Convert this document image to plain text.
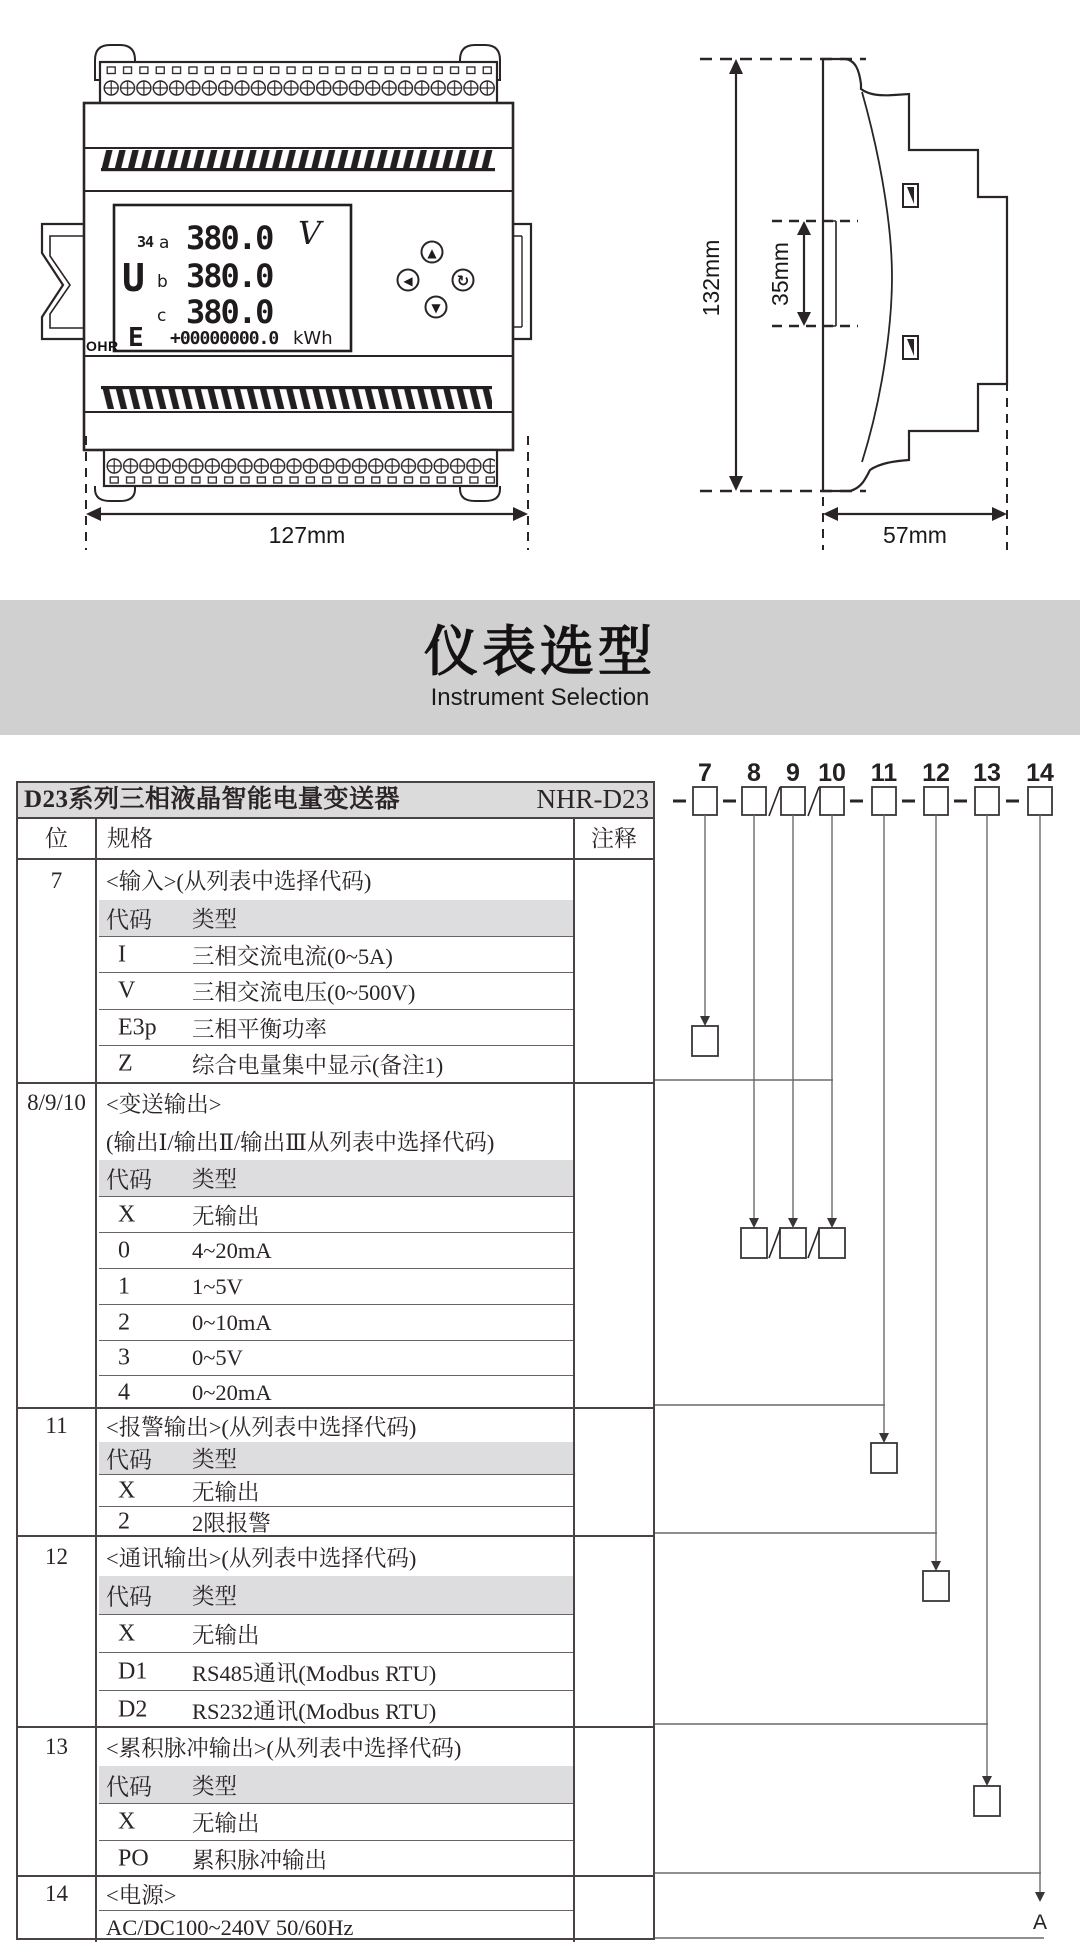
34 a
U b
c
380.0
380.0
380.0
V
E +00000000.0 kWh
OHR
▲
◀	↻
▼
127mm
132mm 35mm
57mm
仪表选型
Instrument Selection
D23系列三相液晶智能电量变送器	NHR-D23
位	规格	注释
7	<输入>(从列表中选择代码)
代码 类型
I	三相交流电流(0~5A)
V	三相交流电压(0~500V)
E3p 三相平衡功率
Z	综合电量集中显示(备注1)
8/9/10 <变送输出>
(输出Ⅰ/输出Ⅱ/输出Ⅲ从列表中选择代码)
代码 类型
X	无输出
0	4~20mA
1	1~5V
2	0~10mA
3	0~5V
4	0~20mA
11	<报警输出>(从列表中选择代码)
代码 类型
X	无输出
2	2限报警
12	<通讯输出>(从列表中选择代码)
代码 类型
X	无输出
D1 RS485通讯(Modbus RTU)
D2 RS232通讯(Modbus RTU)
13	<累积脉冲输出>(从列表中选择代码)
代码 类型
X	无输出
PO 累积脉冲输出
14	<电源>
AC/DC100~240V 50/60Hz
7 8 9 10 11 12 13 14
A
